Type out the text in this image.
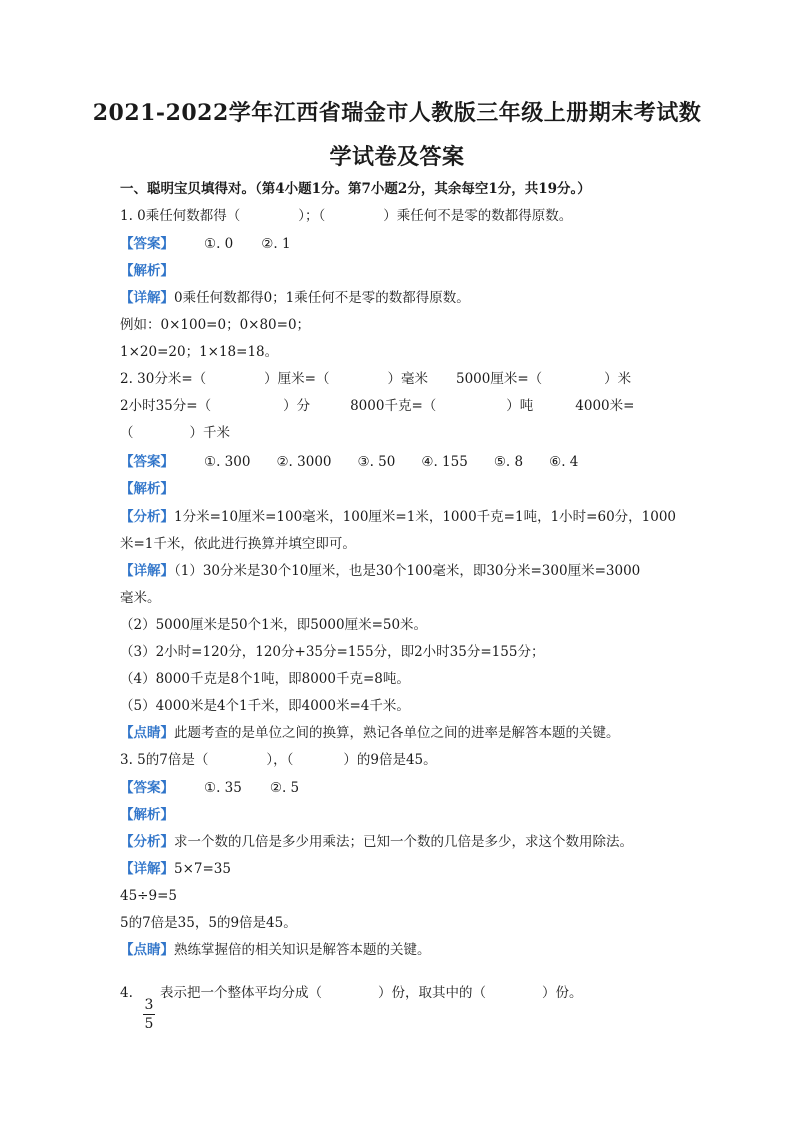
2021-2022学年江西省瑞金市人教版三年级上册期末考试数
学试卷及答案
一、聪明宝贝填得对。（第4小题1分。第7小题2分，其余每空1分，共19分。）
1. 0乘任何数都得（	）；（	）乘任何不是零的数都得原数。
【答案】 ①. 0 ②. 1
【解析】
【详解】0乘任何数都得0；1乘任何不是零的数都得原数。
例如：0×100=0；0×80=0；
1×20=20；1×18=18。
2. 30分米=（	）厘米=（	）毫米 5000厘米=（	）米
2小时35分=（	）分	8000千克=（	）吨	4000米=
（	）千米
【答案】 ①. 300 ②. 3000 ③. 50 ④. 155 ⑤. 8 ⑥. 4
【解析】
【分析】1分米=10厘米=100毫米，100厘米=1米，1000千克=1吨，1小时=60分，1000
米=1千米，依此进行换算并填空即可。
【详解】（1）30分米是30个10厘米，也是30个100毫米，即30分米=300厘米=3000
毫米。
（2）5000厘米是50个1米，即5000厘米=50米。
（3）2小时=120分，120分+35分=155分，即2小时35分=155分；
（4）8000千克是8个1吨，即8000千克=8吨。
（5）4000米是4个1千米，即4000米=4千米。
【点睛】此题考查的是单位之间的换算，熟记各单位之间的进率是解答本题的关键。
3. 5的7倍是（	），（	）的9倍是45。
【答案】 ①. 35 ②. 5
【解析】
【分析】求一个数的几倍是多少用乘法；已知一个数的几倍是多少，求这个数用除法。
【详解】5×7=35
45÷9=5
5的7倍是35，5的9倍是45。
【点睛】熟练掌握倍的相关知识是解答本题的关键。
4.
3
5
表示把一个整体平均分成（	）份，取其中的（	）份。
